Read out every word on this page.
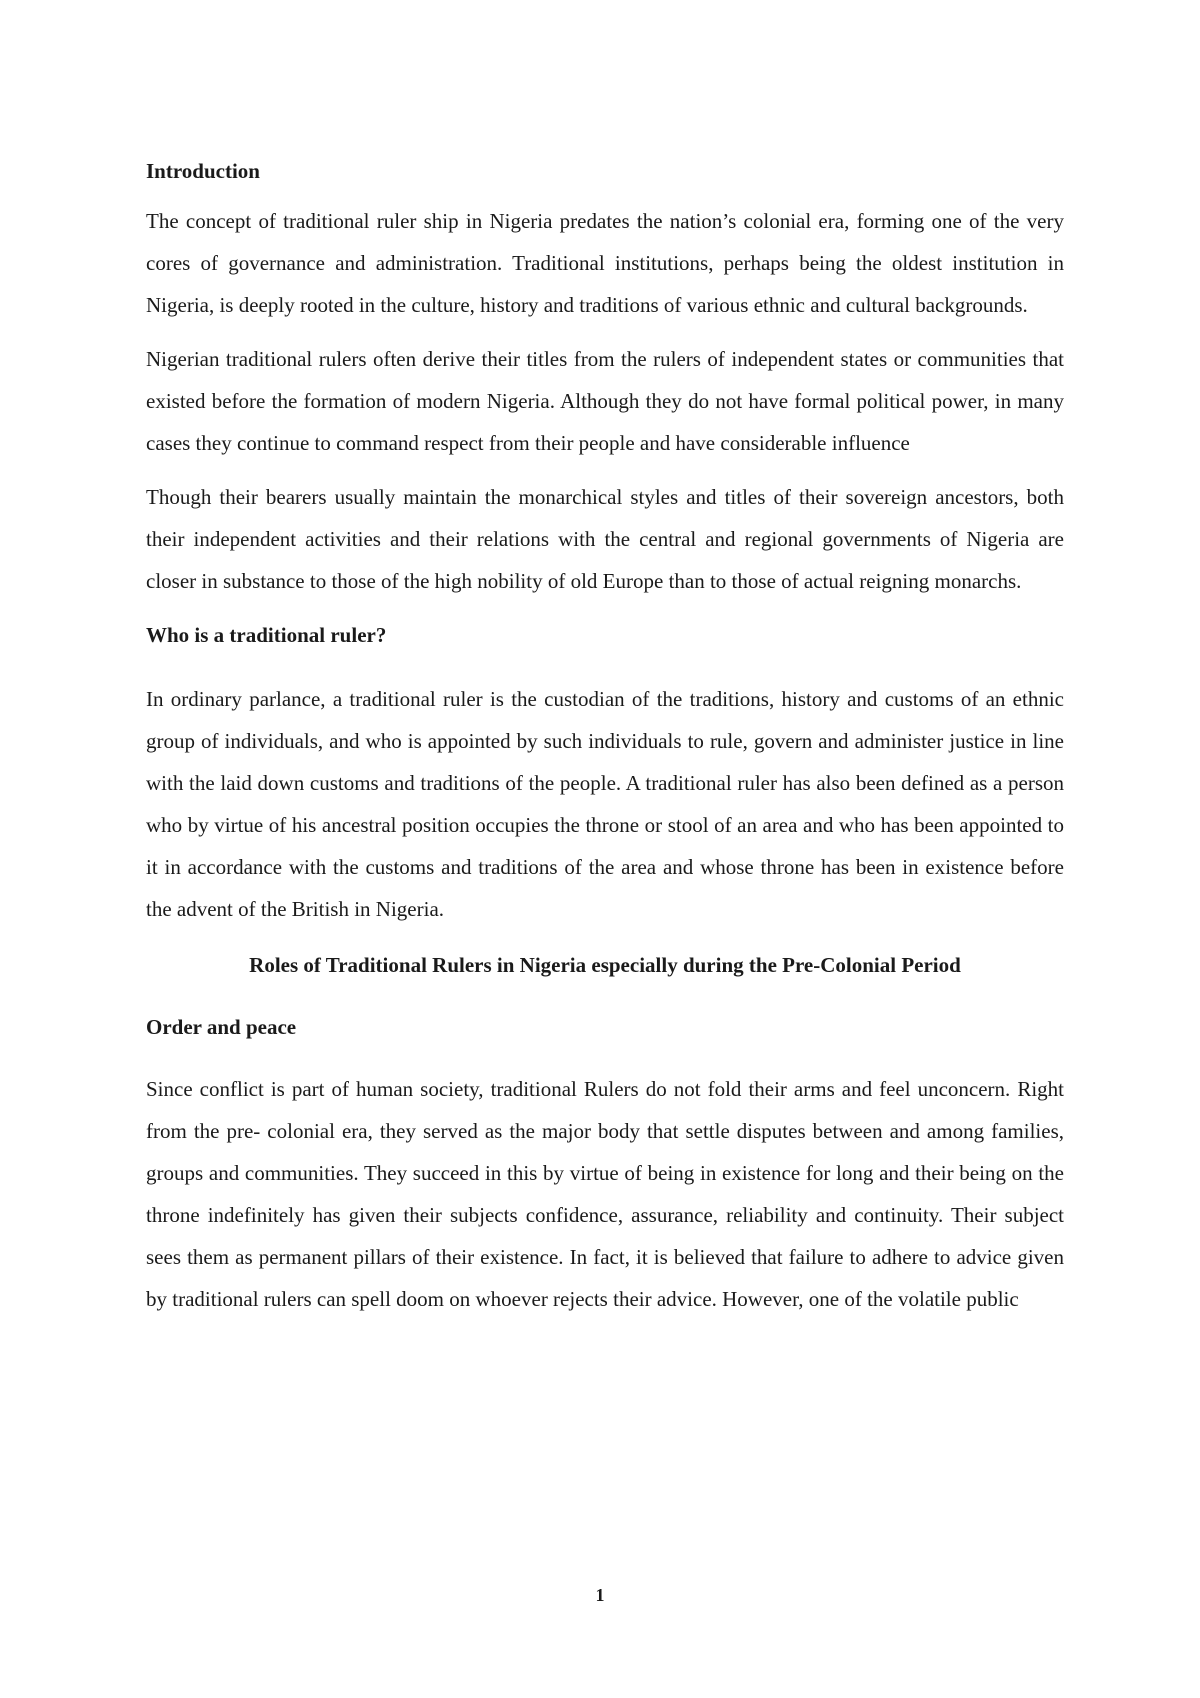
Introduction

The concept of traditional ruler ship in Nigeria predates the nation’s colonial era, forming one of the very cores of governance and administration. Traditional institutions, perhaps being the oldest institution in Nigeria, is deeply rooted in the culture, history and traditions of various ethnic and cultural backgrounds.

Nigerian traditional rulers often derive their titles from the rulers of independent states or communities that existed before the formation of modern Nigeria. Although they do not have formal political power, in many cases they continue to command respect from their people and have considerable influence

Though their bearers usually maintain the monarchical styles and titles of their sovereign ancestors, both their independent activities and their relations with the central and regional governments of Nigeria are closer in substance to those of the high nobility of old Europe than to those of actual reigning monarchs.

Who is a traditional ruler?

In ordinary parlance, a traditional ruler is the custodian of the traditions, history and customs of an ethnic group of individuals, and who is appointed by such individuals to rule, govern and administer justice in line with the laid down customs and traditions of the people. A traditional ruler has also been defined as a person who by virtue of his ancestral position occupies the throne or stool of an area and who has been appointed to it in accordance with the customs and traditions of the area and whose throne has been in existence before the advent of the British in Nigeria.

Roles of Traditional Rulers in Nigeria especially during the Pre-Colonial Period

Order and peace

Since conflict is part of human society, traditional Rulers do not fold their arms and feel unconcern. Right from the pre- colonial era, they served as the major body that settle disputes between and among families, groups and communities. They succeed in this by virtue of being in existence for long and their being on the throne indefinitely has given their subjects confidence, assurance, reliability and continuity. Their subject sees them as permanent pillars of their existence. In fact, it is believed that failure to adhere to advice given by traditional rulers can spell doom on whoever rejects their advice. However, one of the volatile public

1
